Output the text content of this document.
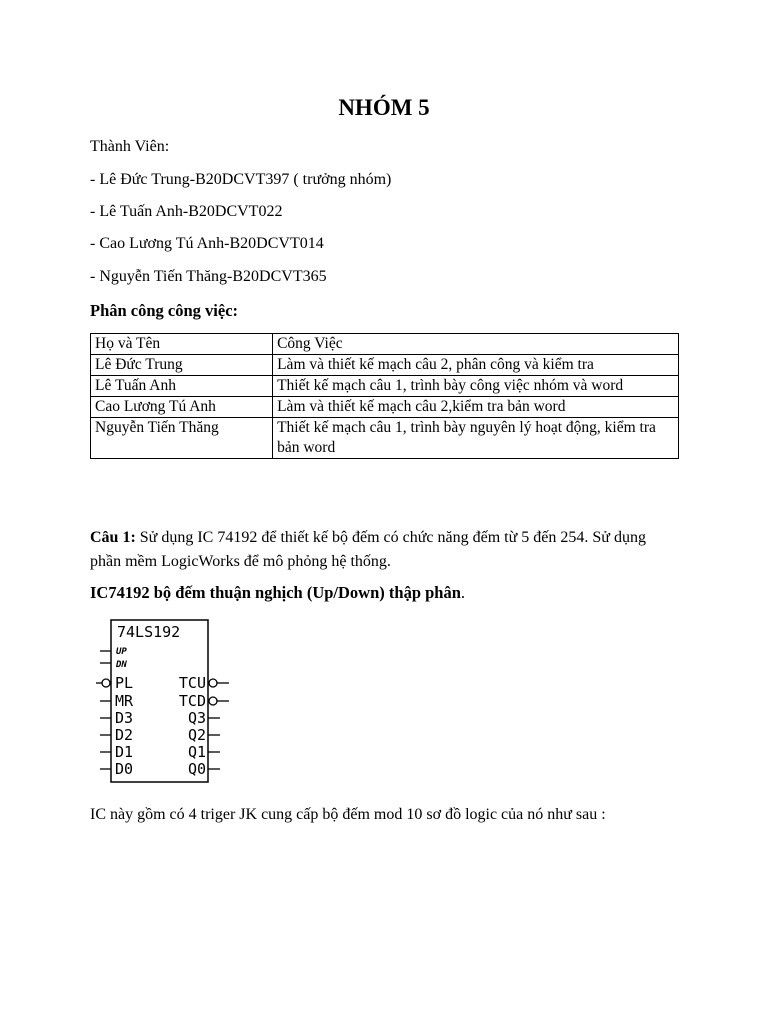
NHÓM 5
Thành Viên:
- Lê Đức Trung-B20DCVT397 ( trưởng nhóm)
- Lê Tuấn Anh-B20DCVT022
- Cao Lương Tú Anh-B20DCVT014
- Nguyễn Tiến Thăng-B20DCVT365
Phân công công việc:
Họ và Tên	Công Việc
Lê Đức Trung	Làm và thiết kế mạch câu 2, phân công và kiểm tra
Lê Tuấn Anh	Thiết kế mạch câu 1, trình bày công việc nhóm và word
Cao Lương Tú Anh	Làm và thiết kế mạch câu 2,kiểm tra bản word
Nguyễn Tiến Thăng	Thiết kế mạch câu 1, trình bày nguyên lý hoạt động, kiểm tra bản word
Câu 1: Sử dụng IC 74192 để thiết kế bộ đếm có chức năng đếm từ 5 đến 254. Sử dụng phần mềm LogicWorks để mô phỏng hệ thống.
IC74192 bộ đếm thuận nghịch (Up/Down) thập phân.
74LS192
UP
DN
PL
MR
D3
D2
D1
D0
TCU
TCD
Q3
Q2
Q1
Q0
IC này gồm có 4 triger JK cung cấp bộ đếm mod 10 sơ đồ logic của nó như sau :
